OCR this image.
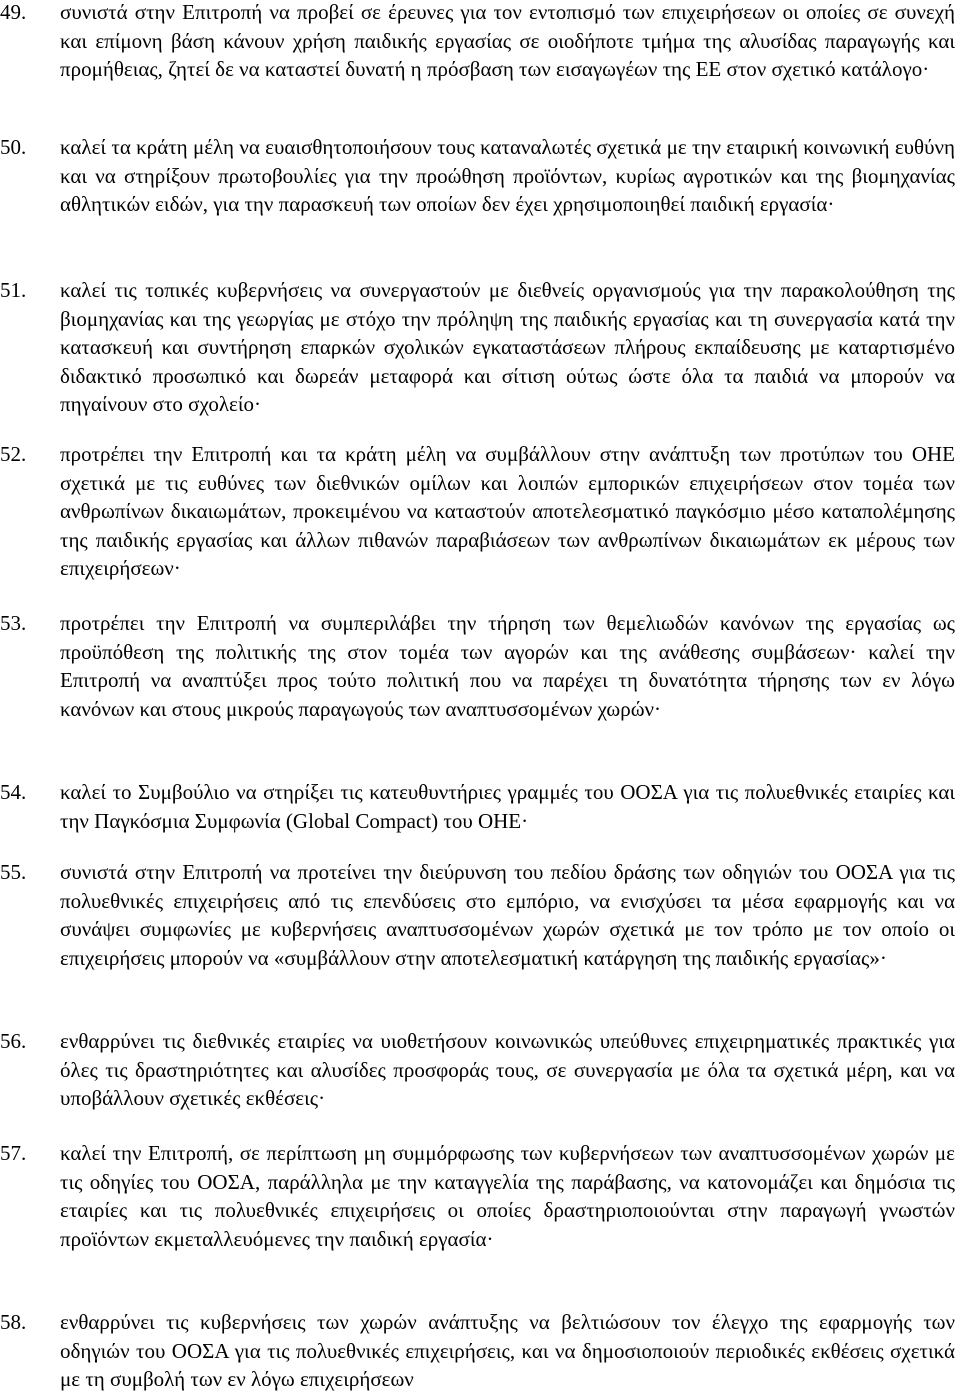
49.	συνιστά στην Επιτροπή να προβεί σε έρευνες για τον εντοπισμό των επιχειρήσεων οι οποίες σε συνεχή και επίμονη βάση κάνουν χρήση παιδικής εργασίας σε οιοδήποτε τμήμα της αλυσίδας παραγωγής και προμήθειας, ζητεί δε να καταστεί δυνατή η πρόσβαση των εισαγωγέων της ΕΕ στον σχετικό κατάλογο·
50.	καλεί τα κράτη μέλη να ευαισθητοποιήσουν τους καταναλωτές σχετικά με την εταιρική κοινωνική ευθύνη και να στηρίξουν πρωτοβουλίες για την προώθηση προϊόντων, κυρίως αγροτικών και της βιομηχανίας αθλητικών ειδών, για την παρασκευή των οποίων δεν έχει χρησιμοποιηθεί παιδική εργασία·
51.	καλεί τις τοπικές κυβερνήσεις να συνεργαστούν με διεθνείς οργανισμούς για την παρακολούθηση της βιομηχανίας και της γεωργίας με στόχο την πρόληψη της παιδικής εργασίας και τη συνεργασία κατά την κατασκευή και συντήρηση επαρκών σχολικών εγκαταστάσεων πλήρους εκπαίδευσης με καταρτισμένο διδακτικό προσωπικό και δωρεάν μεταφορά και σίτιση ούτως ώστε όλα τα παιδιά να μπορούν να πηγαίνουν στο σχολείο·
52.	προτρέπει την Επιτροπή και τα κράτη μέλη να συμβάλλουν στην ανάπτυξη των προτύπων του ΟΗΕ σχετικά με τις ευθύνες των διεθνικών ομίλων και λοιπών εμπορικών επιχειρήσεων στον τομέα των ανθρωπίνων δικαιωμάτων, προκειμένου να καταστούν αποτελεσματικό παγκόσμιο μέσο καταπολέμησης της παιδικής εργασίας και άλλων πιθανών παραβιάσεων των ανθρωπίνων δικαιωμάτων εκ μέρους των επιχειρήσεων·
53.	προτρέπει την Επιτροπή να συμπεριλάβει την τήρηση των θεμελιωδών κανόνων της εργασίας ως προϋπόθεση της πολιτικής της στον τομέα των αγορών και της ανάθεσης συμβάσεων· καλεί την Επιτροπή να αναπτύξει προς τούτο πολιτική που να παρέχει τη δυνατότητα τήρησης των εν λόγω κανόνων και στους μικρούς παραγωγούς των αναπτυσσομένων χωρών·
54.	καλεί το Συμβούλιο να στηρίξει τις κατευθυντήριες γραμμές του ΟΟΣΑ για τις πολυεθνικές εταιρίες και την Παγκόσμια Συμφωνία (Global Compact) του ΟΗΕ·
55.	συνιστά στην Επιτροπή να προτείνει την διεύρυνση του πεδίου δράσης των οδηγιών του ΟΟΣΑ για τις πολυεθνικές επιχειρήσεις από τις επενδύσεις στο εμπόριο, να ενισχύσει τα μέσα εφαρμογής και να συνάψει συμφωνίες με κυβερνήσεις αναπτυσσομένων χωρών σχετικά με τον τρόπο με τον οποίο οι επιχειρήσεις μπορούν να «συμβάλλουν στην αποτελεσματική κατάργηση της παιδικής εργασίας»·
56.	ενθαρρύνει τις διεθνικές εταιρίες να υιοθετήσουν κοινωνικώς υπεύθυνες επιχειρηματικές πρακτικές για όλες τις δραστηριότητες και αλυσίδες προσφοράς τους, σε συνεργασία με όλα τα σχετικά μέρη, και να υποβάλλουν σχετικές εκθέσεις·
57.	καλεί την Επιτροπή, σε περίπτωση μη συμμόρφωσης των κυβερνήσεων των αναπτυσσομένων χωρών με τις οδηγίες του ΟΟΣΑ, παράλληλα με την καταγγελία της παράβασης, να κατονομάζει και δημόσια τις εταιρίες και τις πολυεθνικές επιχειρήσεις οι οποίες δραστηριοποιούνται στην παραγωγή γνωστών προϊόντων εκμεταλλευόμενες την παιδική εργασία·
58.	ενθαρρύνει τις κυβερνήσεις των χωρών ανάπτυξης να βελτιώσουν τον έλεγχο της εφαρμογής των οδηγιών του ΟΟΣΑ για τις πολυεθνικές επιχειρήσεις, και να δημοσιοποιούν περιοδικές εκθέσεις σχετικά με τη συμβολή των εν λόγω επιχειρήσεων
